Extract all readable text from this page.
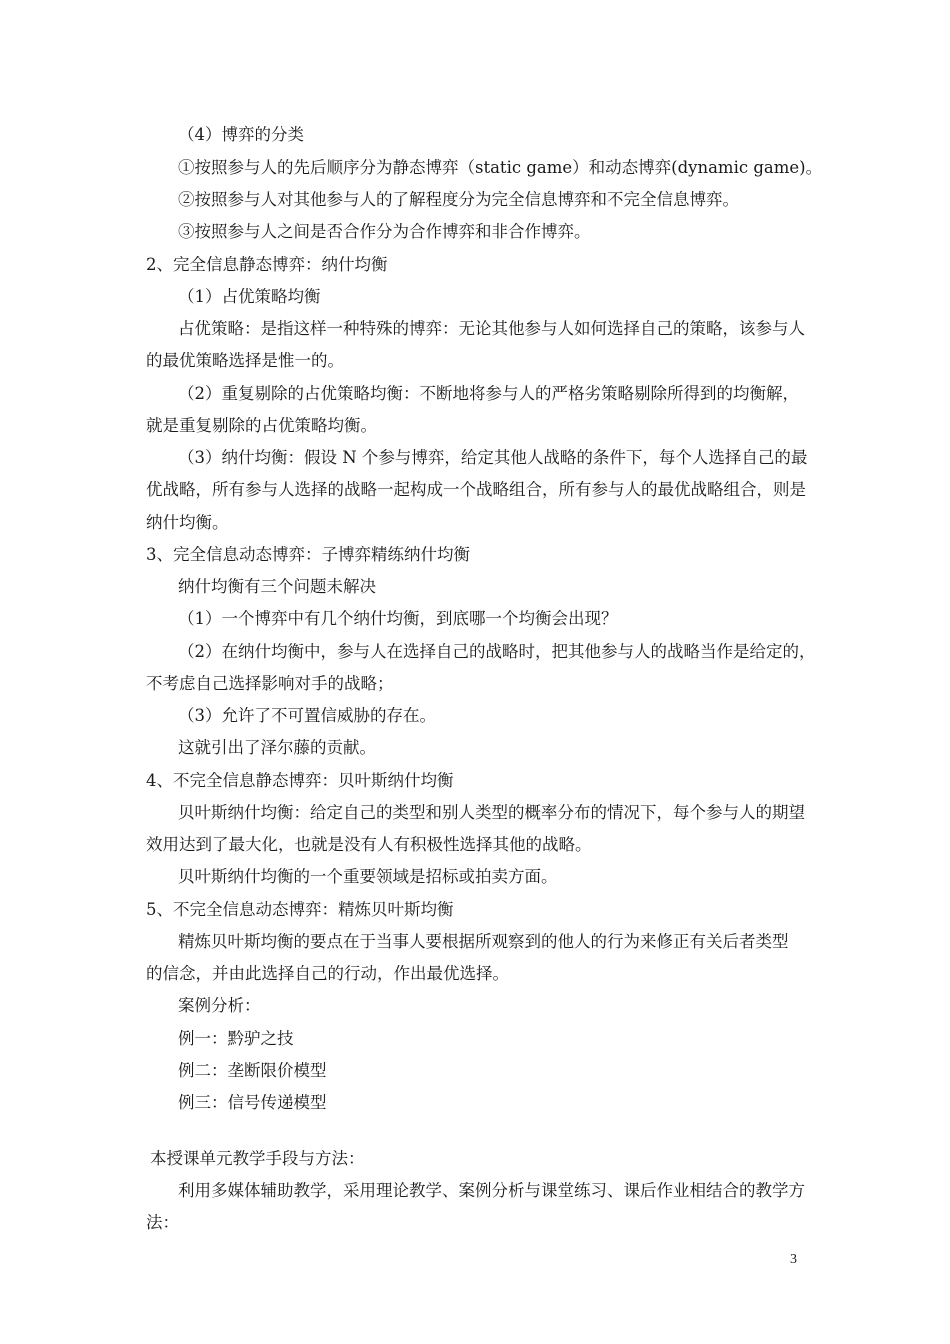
（4）博弈的分类
①按照参与人的先后顺序分为静态博弈（static game）和动态博弈(dynamic game)。
②按照参与人对其他参与人的了解程度分为完全信息博弈和不完全信息博弈。
③按照参与人之间是否合作分为合作博弈和非合作博弈。
2、完全信息静态博弈：纳什均衡
（1）占优策略均衡
占优策略：是指这样一种特殊的博弈：无论其他参与人如何选择自己的策略，该参与人
的最优策略选择是惟一的。
（2）重复剔除的占优策略均衡：不断地将参与人的严格劣策略剔除所得到的均衡解，
就是重复剔除的占优策略均衡。
（3）纳什均衡：假设 N 个参与博弈，给定其他人战略的条件下，每个人选择自己的最
优战略，所有参与人选择的战略一起构成一个战略组合，所有参与人的最优战略组合，则是
纳什均衡。
3、完全信息动态博弈：子博弈精练纳什均衡
纳什均衡有三个问题未解决
（1）一个博弈中有几个纳什均衡，到底哪一个均衡会出现？
（2）在纳什均衡中，参与人在选择自己的战略时，把其他参与人的战略当作是给定的，
不考虑自己选择影响对手的战略；
（3）允许了不可置信威胁的存在。
这就引出了泽尔藤的贡献。
4、不完全信息静态博弈：贝叶斯纳什均衡
贝叶斯纳什均衡：给定自己的类型和别人类型的概率分布的情况下，每个参与人的期望
效用达到了最大化，也就是没有人有积极性选择其他的战略。
贝叶斯纳什均衡的一个重要领域是招标或拍卖方面。
5、不完全信息动态博弈：精炼贝叶斯均衡
精炼贝叶斯均衡的要点在于当事人要根据所观察到的他人的行为来修正有关后者类型
的信念，并由此选择自己的行动，作出最优选择。
案例分析：
例一：黔驴之技
例二：垄断限价模型
例三：信号传递模型
本授课单元教学手段与方法：
利用多媒体辅助教学，采用理论教学、案例分析与课堂练习、课后作业相结合的教学方
法：
3
